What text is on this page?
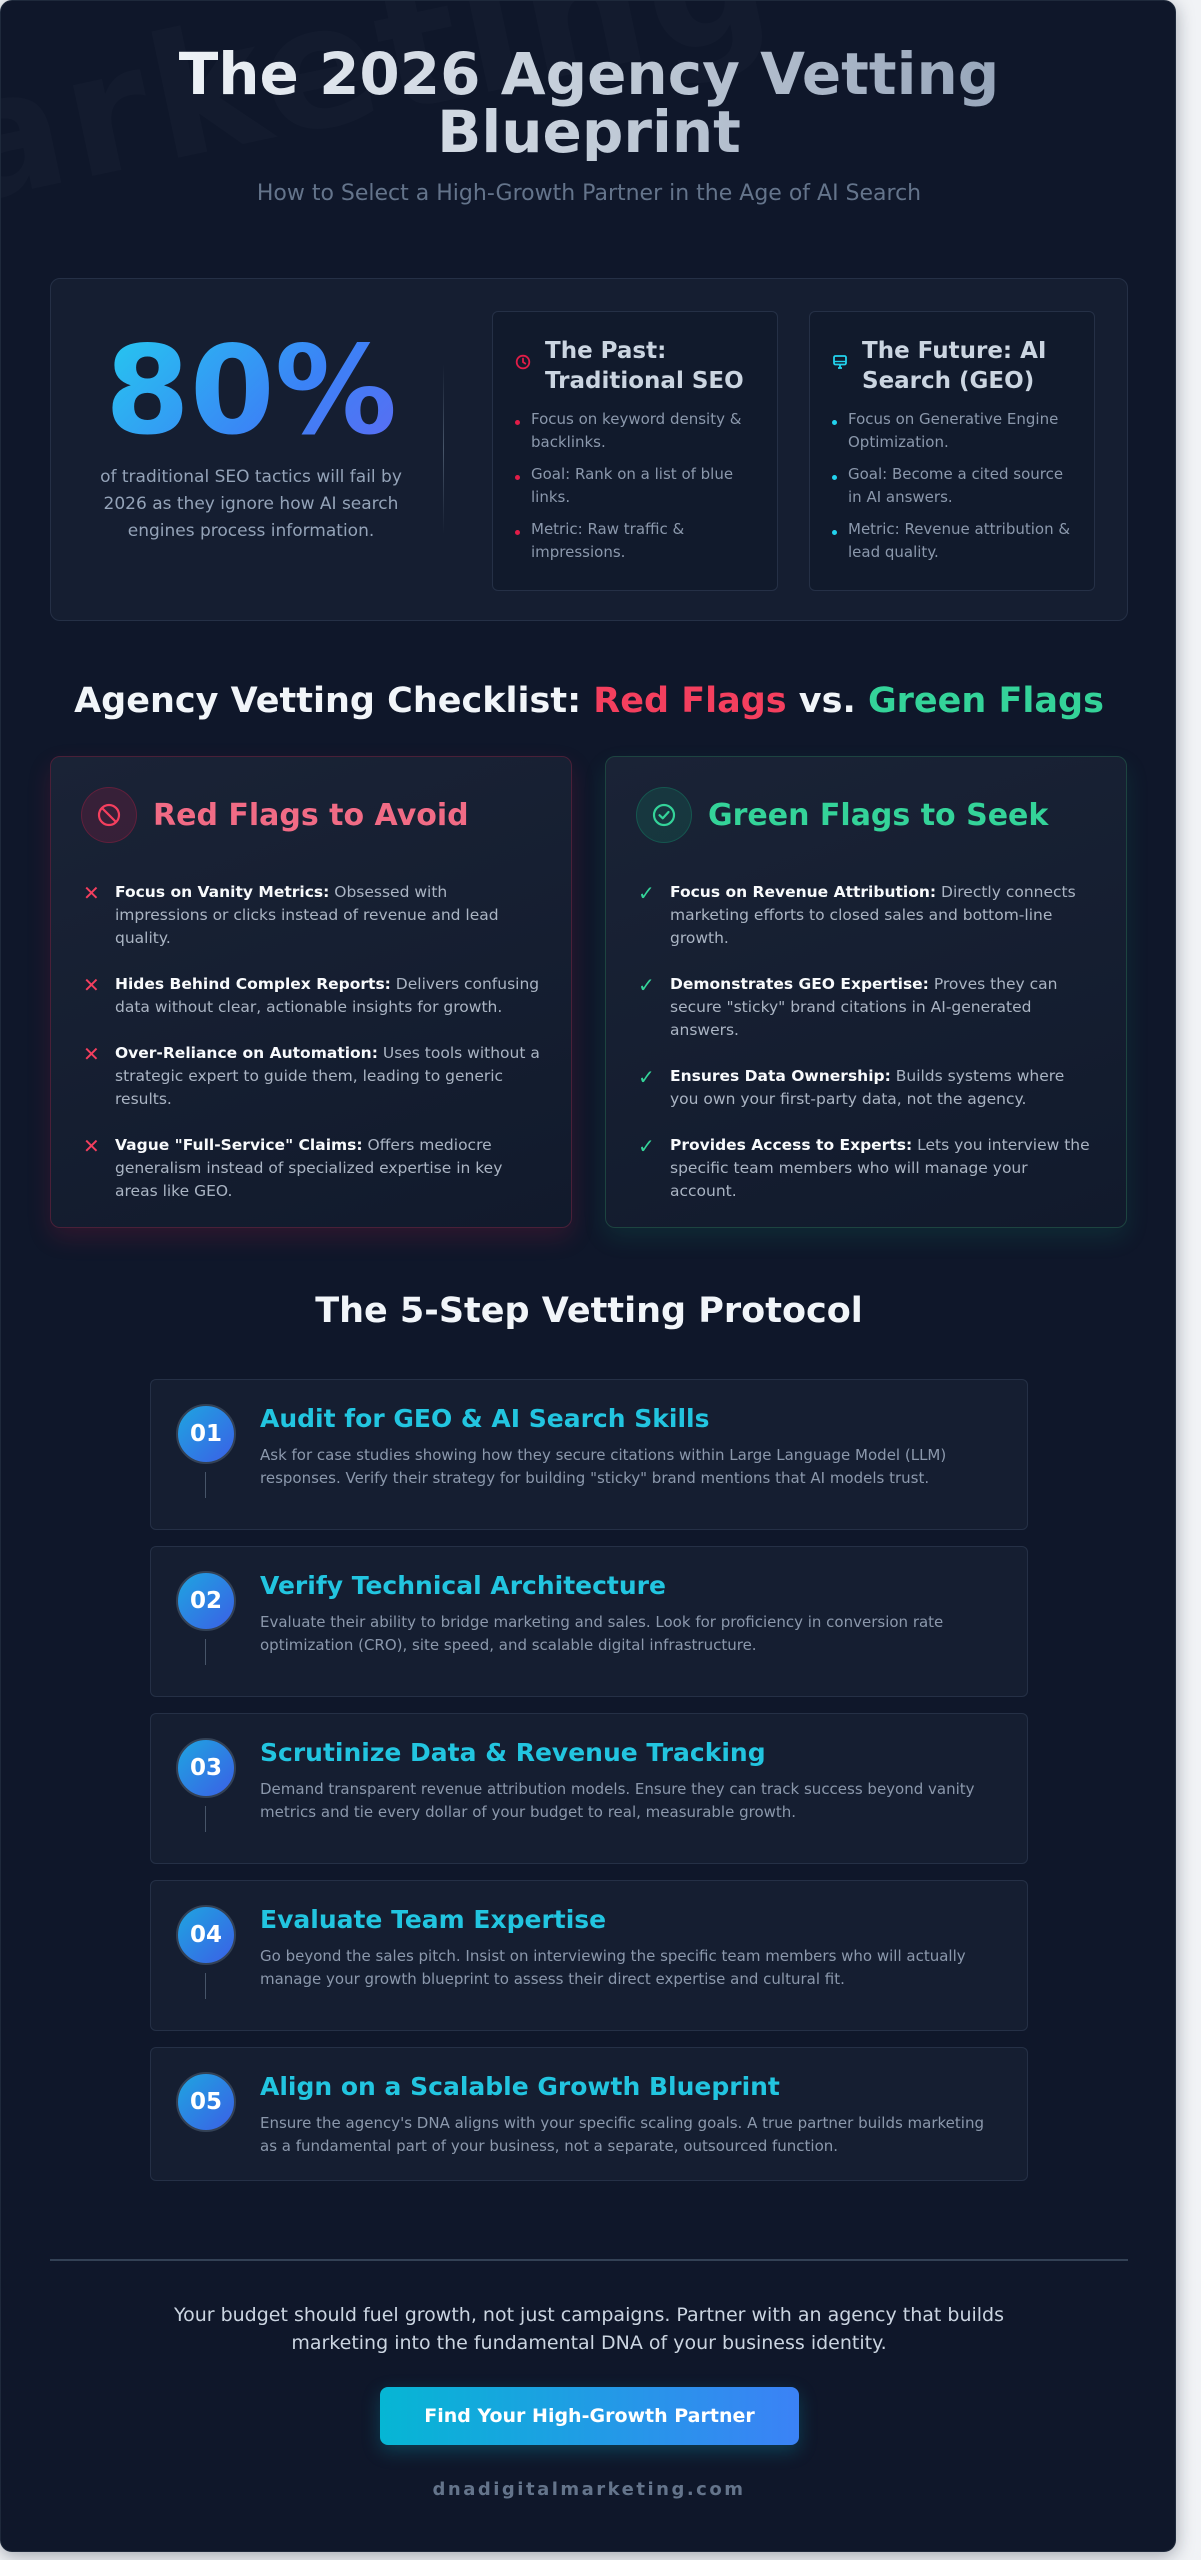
The 2026 Agency Vetting Blueprint

How to Select a High-Growth Partner in the Age of AI Search

80%

of traditional SEO tactics will fail by 2026 as they ignore how AI search engines process information.

The Past: Traditional SEO
Focus on keyword density & backlinks.
Goal: Rank on a list of blue links.
Metric: Raw traffic & impressions.
The Future: AI Search (GEO)
Focus on Generative Engine Optimization.
Goal: Become a cited source in AI answers.
Metric: Revenue attribution & lead quality.
Agency Vetting Checklist: Red Flags vs. Green Flags
Red Flags to Avoid
✕ Focus on Vanity Metrics: Obsessed with impressions or clicks instead of revenue and lead quality.

✕ Hides Behind Complex Reports: Delivers confusing data without clear, actionable insights for growth.

✕ Over-Reliance on Automation: Uses tools without a strategic expert to guide them, leading to generic results.

✕ Vague "Full-Service" Claims: Offers mediocre generalism instead of specialized expertise in key areas like GEO.

Green Flags to Seek
✓ Focus on Revenue Attribution: Directly connects marketing efforts to closed sales and bottom-line growth.

✓ Demonstrates GEO Expertise: Proves they can secure "sticky" brand citations in AI-generated answers.

✓ Ensures Data Ownership: Builds systems where you own your first-party data, not the agency.

✓ Provides Access to Experts: Lets you interview the specific team members who will manage your account.

The 5-Step Vetting Protocol
01
Audit for GEO & AI Search Skills

Ask for case studies showing how they secure citations within Large Language Model (LLM) responses. Verify their strategy for building "sticky" brand mentions that AI models trust.

02
Verify Technical Architecture

Evaluate their ability to bridge marketing and sales. Look for proficiency in conversion rate optimization (CRO), site speed, and scalable digital infrastructure.

03
Scrutinize Data & Revenue Tracking

Demand transparent revenue attribution models. Ensure they can track success beyond vanity metrics and tie every dollar of your budget to real, measurable growth.

04
Evaluate Team Expertise

Go beyond the sales pitch. Insist on interviewing the specific team members who will actually manage your growth blueprint to assess their direct expertise and cultural fit.

05
Align on a Scalable Growth Blueprint

Ensure the agency's DNA aligns with your specific scaling goals. A true partner builds marketing as a fundamental part of your business, not a separate, outsourced function.

Your budget should fuel growth, not just campaigns. Partner with an agency that builds marketing into the fundamental DNA of your business identity.

Find Your High-Growth Partner
dnadigitalmarketing.com
